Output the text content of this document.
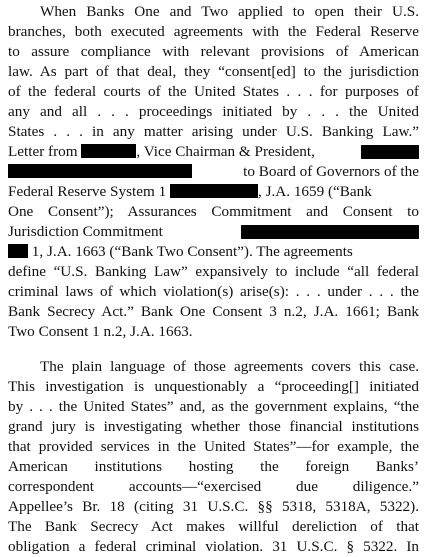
When Banks One and Two applied to open their U.S.
branches, both executed agreements with the Federal Reserve
to assure compliance with relevant provisions of American
law. As part of that deal, they “consent[ed] to the jurisdiction
of the federal courts of the United States . . . for purposes of
any and all . . . proceedings initiated by . . . the United
States . . . in any matter arising under U.S. Banking Law.”
Letter from	, Vice Chairman & President,
to Board of Governors of the
Federal Reserve System 1	, J.A. 1659 (“Bank
One Consent”); Assurances Commitment and Consent to
Jurisdiction Commitment
1, J.A. 1663 (“Bank Two Consent”). The agreements
define “U.S. Banking Law” expansively to include “all federal
criminal laws of which violation(s) arise(s): . . . under . . . the
Bank Secrecy Act.” Bank One Consent 3 n.2, J.A. 1661; Bank
Two Consent 1 n.2, J.A. 1663.
The plain language of those agreements covers this case.
This investigation is unquestionably a “proceeding[] initiated
by . . . the United States” and, as the government explains, “the
grand jury is investigating whether those financial institutions
that provided services in the United States”—for example, the
American institutions hosting the foreign Banks’
correspondent accounts—“exercised due diligence.”
Appellee’s Br. 18 (citing 31 U.S.C. §§ 5318, 5318A, 5322).
The Bank Secrecy Act makes willful dereliction of that
obligation a federal criminal violation. 31 U.S.C. § 5322. In
